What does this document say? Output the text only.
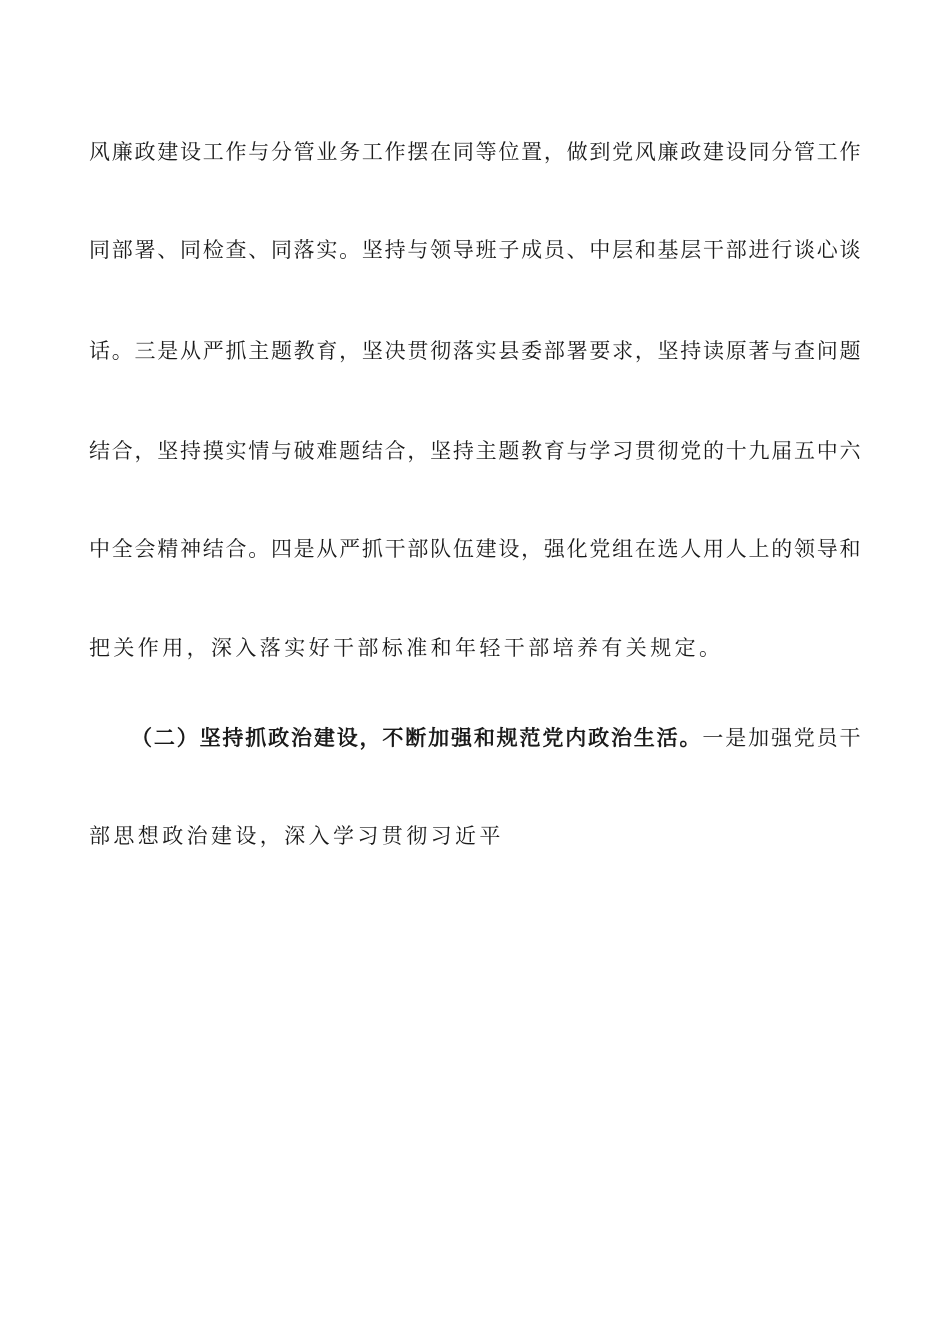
风廉政建设工作与分管业务工作摆在同等位置，做到党风廉政建设同分管工作
同部署、同检查、同落实。坚持与领导班子成员、中层和基层干部进行谈心谈
话。三是从严抓主题教育，坚决贯彻落实县委部署要求，坚持读原著与查问题
结合，坚持摸实情与破难题结合，坚持主题教育与学习贯彻党的十九届五中六
中全会精神结合。四是从严抓干部队伍建设，强化党组在选人用人上的领导和
把关作用，深入落实好干部标准和年轻干部培养有关规定。
（二）坚持抓政治建设，不断加强和规范党内政治生活。一是加强党员干
部思想政治建设，深入学习贯彻习近平
